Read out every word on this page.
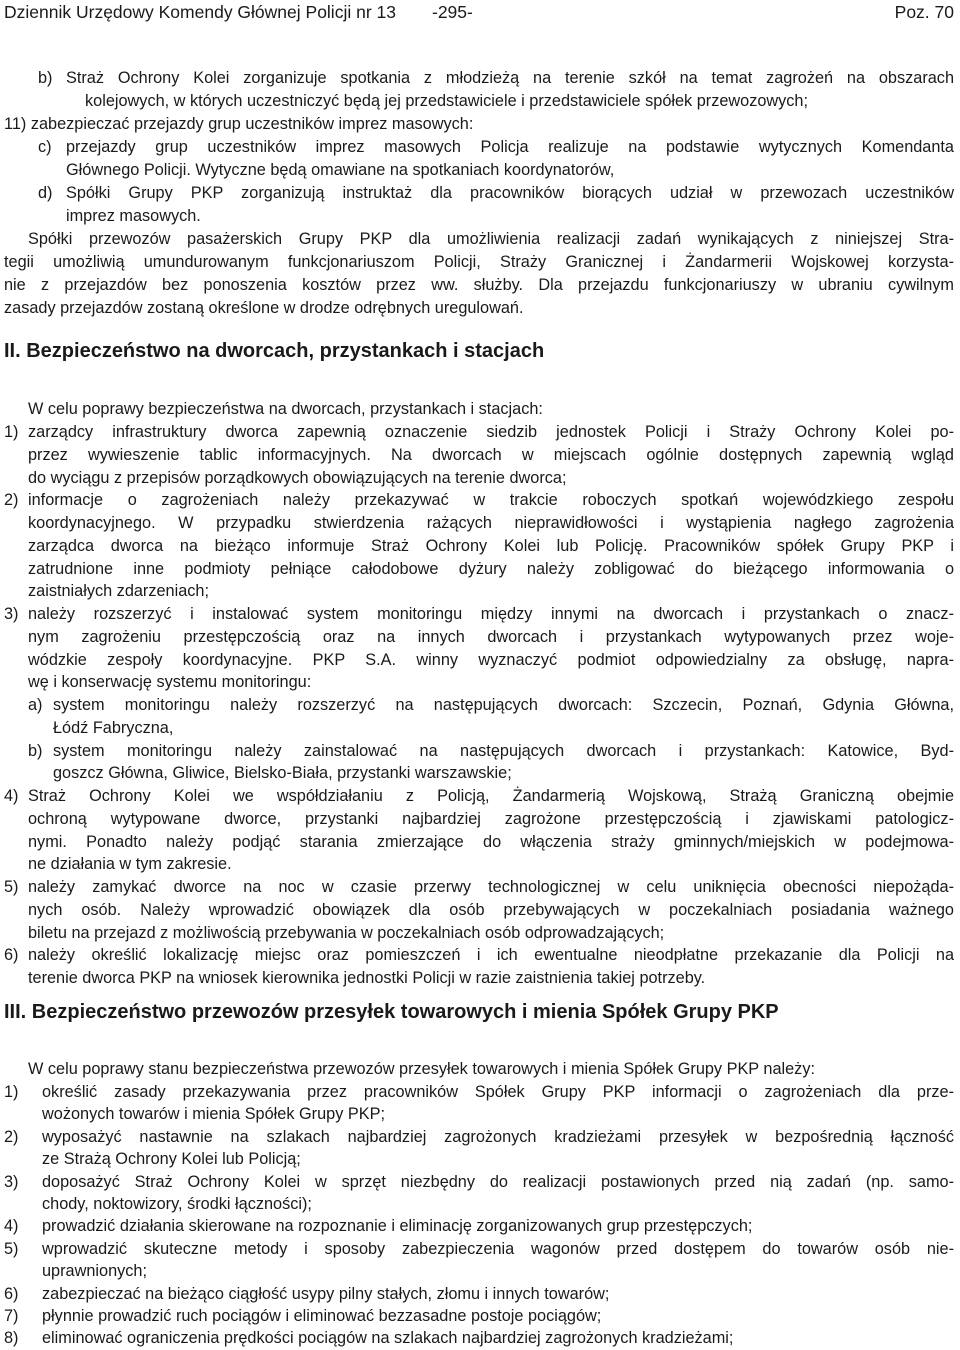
Dziennik Urzędowy Komendy Głównej Policji nr 13 -295-	Poz. 70
b) Straż Ochrony Kolei zorganizuje spotkania z młodzieżą na terenie szkół na temat zagrożeń na obszarach
kolejowych, w których uczestniczyć będą jej przedstawiciele i przedstawiciele spółek przewozowych;
11) zabezpieczać przejazdy grup uczestników imprez masowych:
c) przejazdy grup uczestników imprez masowych Policja realizuje na podstawie wytycznych Komendanta
Głównego Policji. Wytyczne będą omawiane na spotkaniach koordynatorów,
d) Spółki Grupy PKP zorganizują instruktaż dla pracowników biorących udział w przewozach uczestników
imprez masowych.
Spółki przewozów pasażerskich Grupy PKP dla umożliwienia realizacji zadań wynikających z niniejszej Stra-
tegii umożliwią umundurowanym funkcjonariuszom Policji, Straży Granicznej i Żandarmerii Wojskowej korzysta-
nie z przejazdów bez ponoszenia kosztów przez ww. służby. Dla przejazdu funkcjonariuszy w ubraniu cywilnym
zasady przejazdów zostaną określone w drodze odrębnych uregulowań.
II. Bezpieczeństwo na dworcach, przystankach i stacjach
W celu poprawy bezpieczeństwa na dworcach, przystankach i stacjach:
1) zarządcy infrastruktury dworca zapewnią oznaczenie siedzib jednostek Policji i Straży Ochrony Kolei po-
przez wywieszenie tablic informacyjnych. Na dworcach w miejscach ogólnie dostępnych zapewnią wgląd
do wyciągu z przepisów porządkowych obowiązujących na terenie dworca;
2) informacje o zagrożeniach należy przekazywać w trakcie roboczych spotkań wojewódzkiego zespołu
koordynacyjnego. W przypadku stwierdzenia rażących nieprawidłowości i wystąpienia nagłego zagrożenia
zarządca dworca na bieżąco informuje Straż Ochrony Kolei lub Policję. Pracowników spółek Grupy PKP i
zatrudnione inne podmioty pełniące całodobowe dyżury należy zobligować do bieżącego informowania o
zaistniałych zdarzeniach;
3) należy rozszerzyć i instalować system monitoringu między innymi na dworcach i przystankach o znacz-
nym zagrożeniu przestępczością oraz na innych dworcach i przystankach wytypowanych przez woje-
wódzkie zespoły koordynacyjne. PKP S.A. winny wyznaczyć podmiot odpowiedzialny za obsługę, napra-
wę i konserwację systemu monitoringu:
a) system monitoringu należy rozszerzyć na następujących dworcach: Szczecin, Poznań, Gdynia Główna,
Łódź Fabryczna,
b) system monitoringu należy zainstalować na następujących dworcach i przystankach: Katowice, Byd-
goszcz Główna, Gliwice, Bielsko-Biała, przystanki warszawskie;
4) Straż Ochrony Kolei we współdziałaniu z Policją, Żandarmerią Wojskową, Strażą Graniczną obejmie
ochroną wytypowane dworce, przystanki najbardziej zagrożone przestępczością i zjawiskami patologicz-
nymi. Ponadto należy podjąć starania zmierzające do włączenia straży gminnych/miejskich w podejmowa-
ne działania w tym zakresie.
5) należy zamykać dworce na noc w czasie przerwy technologicznej w celu uniknięcia obecności niepożąda-
nych osób. Należy wprowadzić obowiązek dla osób przebywających w poczekalniach posiadania ważnego
biletu na przejazd z możliwością przebywania w poczekalniach osób odprowadzających;
6) należy określić lokalizację miejsc oraz pomieszczeń i ich ewentualne nieodpłatne przekazanie dla Policji na
terenie dworca PKP na wniosek kierownika jednostki Policji w razie zaistnienia takiej potrzeby.
III. Bezpieczeństwo przewozów przesyłek towarowych i mienia Spółek Grupy PKP
W celu poprawy stanu bezpieczeństwa przewozów przesyłek towarowych i mienia Spółek Grupy PKP należy:
1) określić zasady przekazywania przez pracowników Spółek Grupy PKP informacji o zagrożeniach dla prze-
wożonych towarów i mienia Spółek Grupy PKP;
2) wyposażyć nastawnie na szlakach najbardziej zagrożonych kradzieżami przesyłek w bezpośrednią łączność
ze Strażą Ochrony Kolei lub Policją;
3) doposażyć Straż Ochrony Kolei w sprzęt niezbędny do realizacji postawionych przed nią zadań (np. samo-
chody, noktowizory, środki łączności);
4) prowadzić działania skierowane na rozpoznanie i eliminację zorganizowanych grup przestępczych;
5) wprowadzić skuteczne metody i sposoby zabezpieczenia wagonów przed dostępem do towarów osób nie-
uprawnionych;
6) zabezpieczać na bieżąco ciągłość usypy pilny stałych, złomu i innych towarów;
7) płynnie prowadzić ruch pociągów i eliminować bezzasadne postoje pociągów;
8) eliminować ograniczenia prędkości pociągów na szlakach najbardziej zagrożonych kradzieżami;
